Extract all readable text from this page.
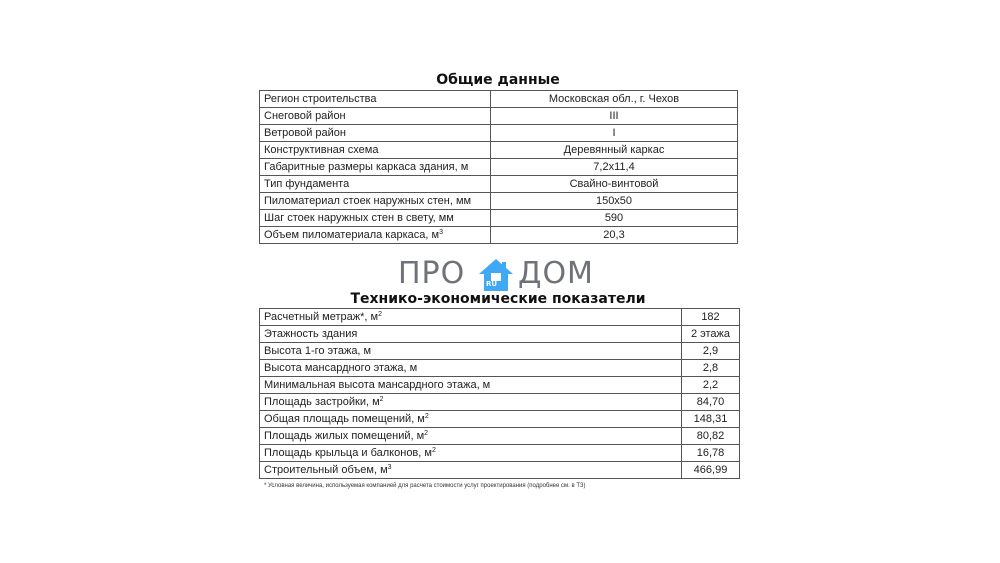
Общие данные
Регион строительства	Московская обл., г. Чехов
Снеговой район	III
Ветровой район	I
Конструктивная схема	Деревянный каркас
Габаритные размеры каркаса здания, м	7,2х11,4
Тип фундамента	Свайно-винтовой
Пиломатериал стоек наружных стен, мм	150х50
Шаг стоек наружных стен в свету, мм	590
Объем пиломатериала каркаса, $м^3$	20,3
ПРО	RU ДОМ
Технико-экономические показатели
Расчетный метраж*, $м^2$	182
Этажность здания	2 этажа
Высота 1-го этажа, м	2,9
Высота мансардного этажа, м	2,8
Минимальная высота мансардного этажа, м	2,2
Площадь застройки, $м^2$	84,70
Общая площадь помещений, $м^2$	148,31
Площадь жилых помещений, $м^2$	80,82
Площадь крыльца и балконов, $м^2$	16,78
Строительный объем, $м^3$	466,99
* Условная величина, используемая компанией для расчета стоимости услуг проектирования (подробнее см. в ТЗ)
